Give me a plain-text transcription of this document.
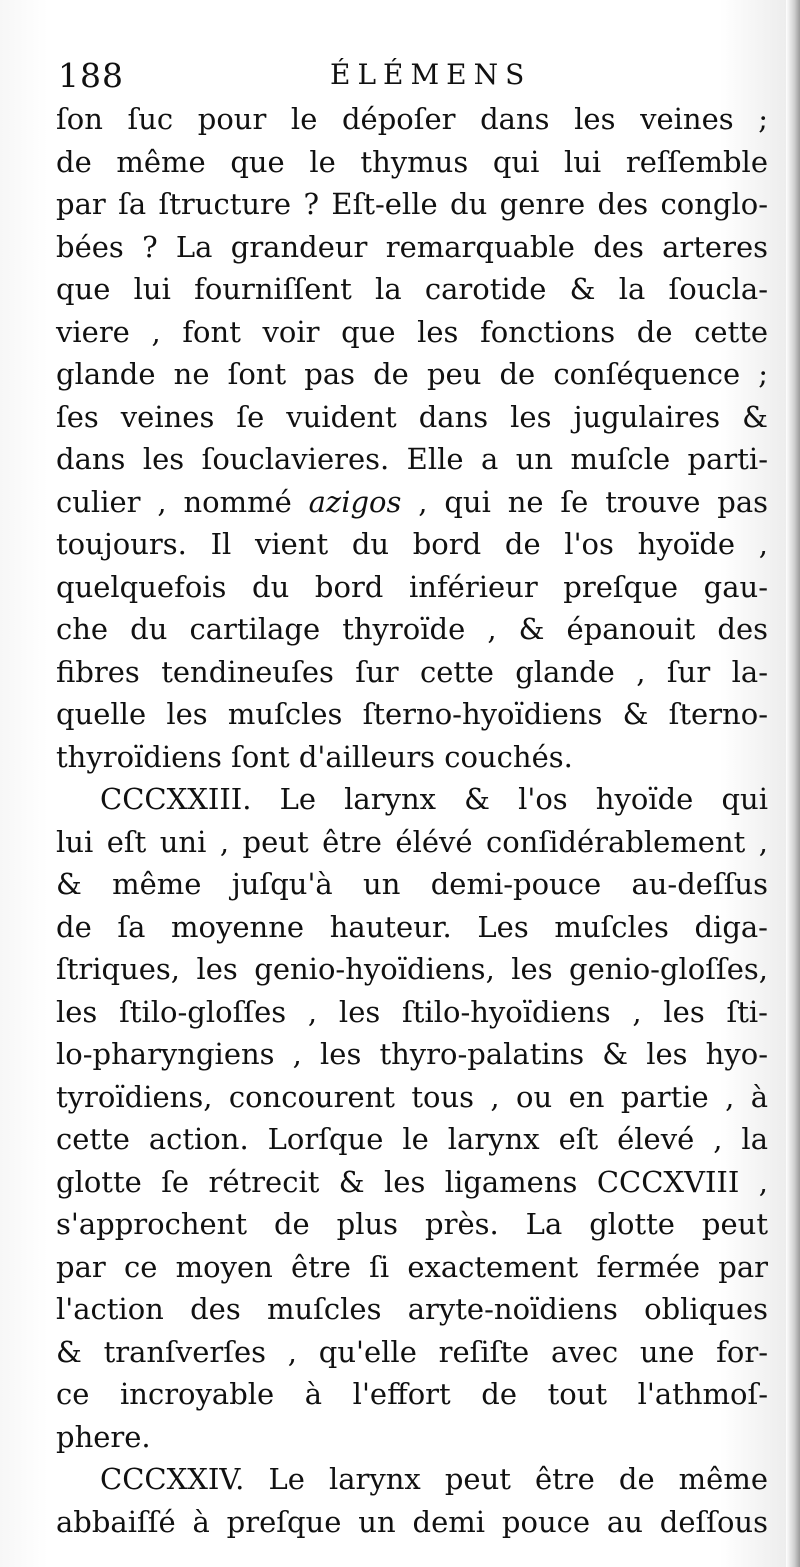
188	ÉLÉMENS
ſon ſuc pour le dépoſer dans les veines ;
de même que le thymus qui lui reſſemble
par ſa ſtructure ? Eſt-elle du genre des conglo-
bées ? La grandeur remarquable des arteres
que lui fourniſſent la carotide & la ſoucla-
viere , font voir que les fonctions de cette
glande ne ſont pas de peu de conſéquence ;
ſes veines ſe vuident dans les jugulaires &
dans les ſouclavieres. Elle a un muſcle parti-
culier , nommé azigos , qui ne ſe trouve pas
toujours. Il vient du bord de l'os hyoïde ,
quelquefois du bord inférieur preſque gau-
che du cartilage thyroïde , & épanouit des
fibres tendineuſes ſur cette glande , ſur la-
quelle les muſcles ſterno-hyoïdiens & ſterno-
thyroïdiens ſont d'ailleurs couchés.
CCCXXIII. Le larynx & l'os hyoïde qui
lui eſt uni , peut être élévé conſidérablement ,
& même juſqu'à un demi-pouce au-deſſus
de ſa moyenne hauteur. Les muſcles diga-
ſtriques, les genio-hyoïdiens, les genio-gloſſes,
les ſtilo-gloſſes , les ſtilo-hyoïdiens , les ſti-
lo-pharyngiens , les thyro-palatins & les hyo-
tyroïdiens, concourent tous , ou en partie , à
cette action. Lorſque le larynx eſt élevé , la
glotte ſe rétrecit & les ligamens CCCXVIII ,
s'approchent de plus près. La glotte peut
par ce moyen être ſi exactement fermée par
l'action des muſcles aryte-noïdiens obliques
& tranſverſes , qu'elle reſiſte avec une for-
ce incroyable à l'effort de tout l'athmoſ-
phere.
CCCXXIV. Le larynx peut être de même
abbaiſſé à preſque un demi pouce au deſſous
